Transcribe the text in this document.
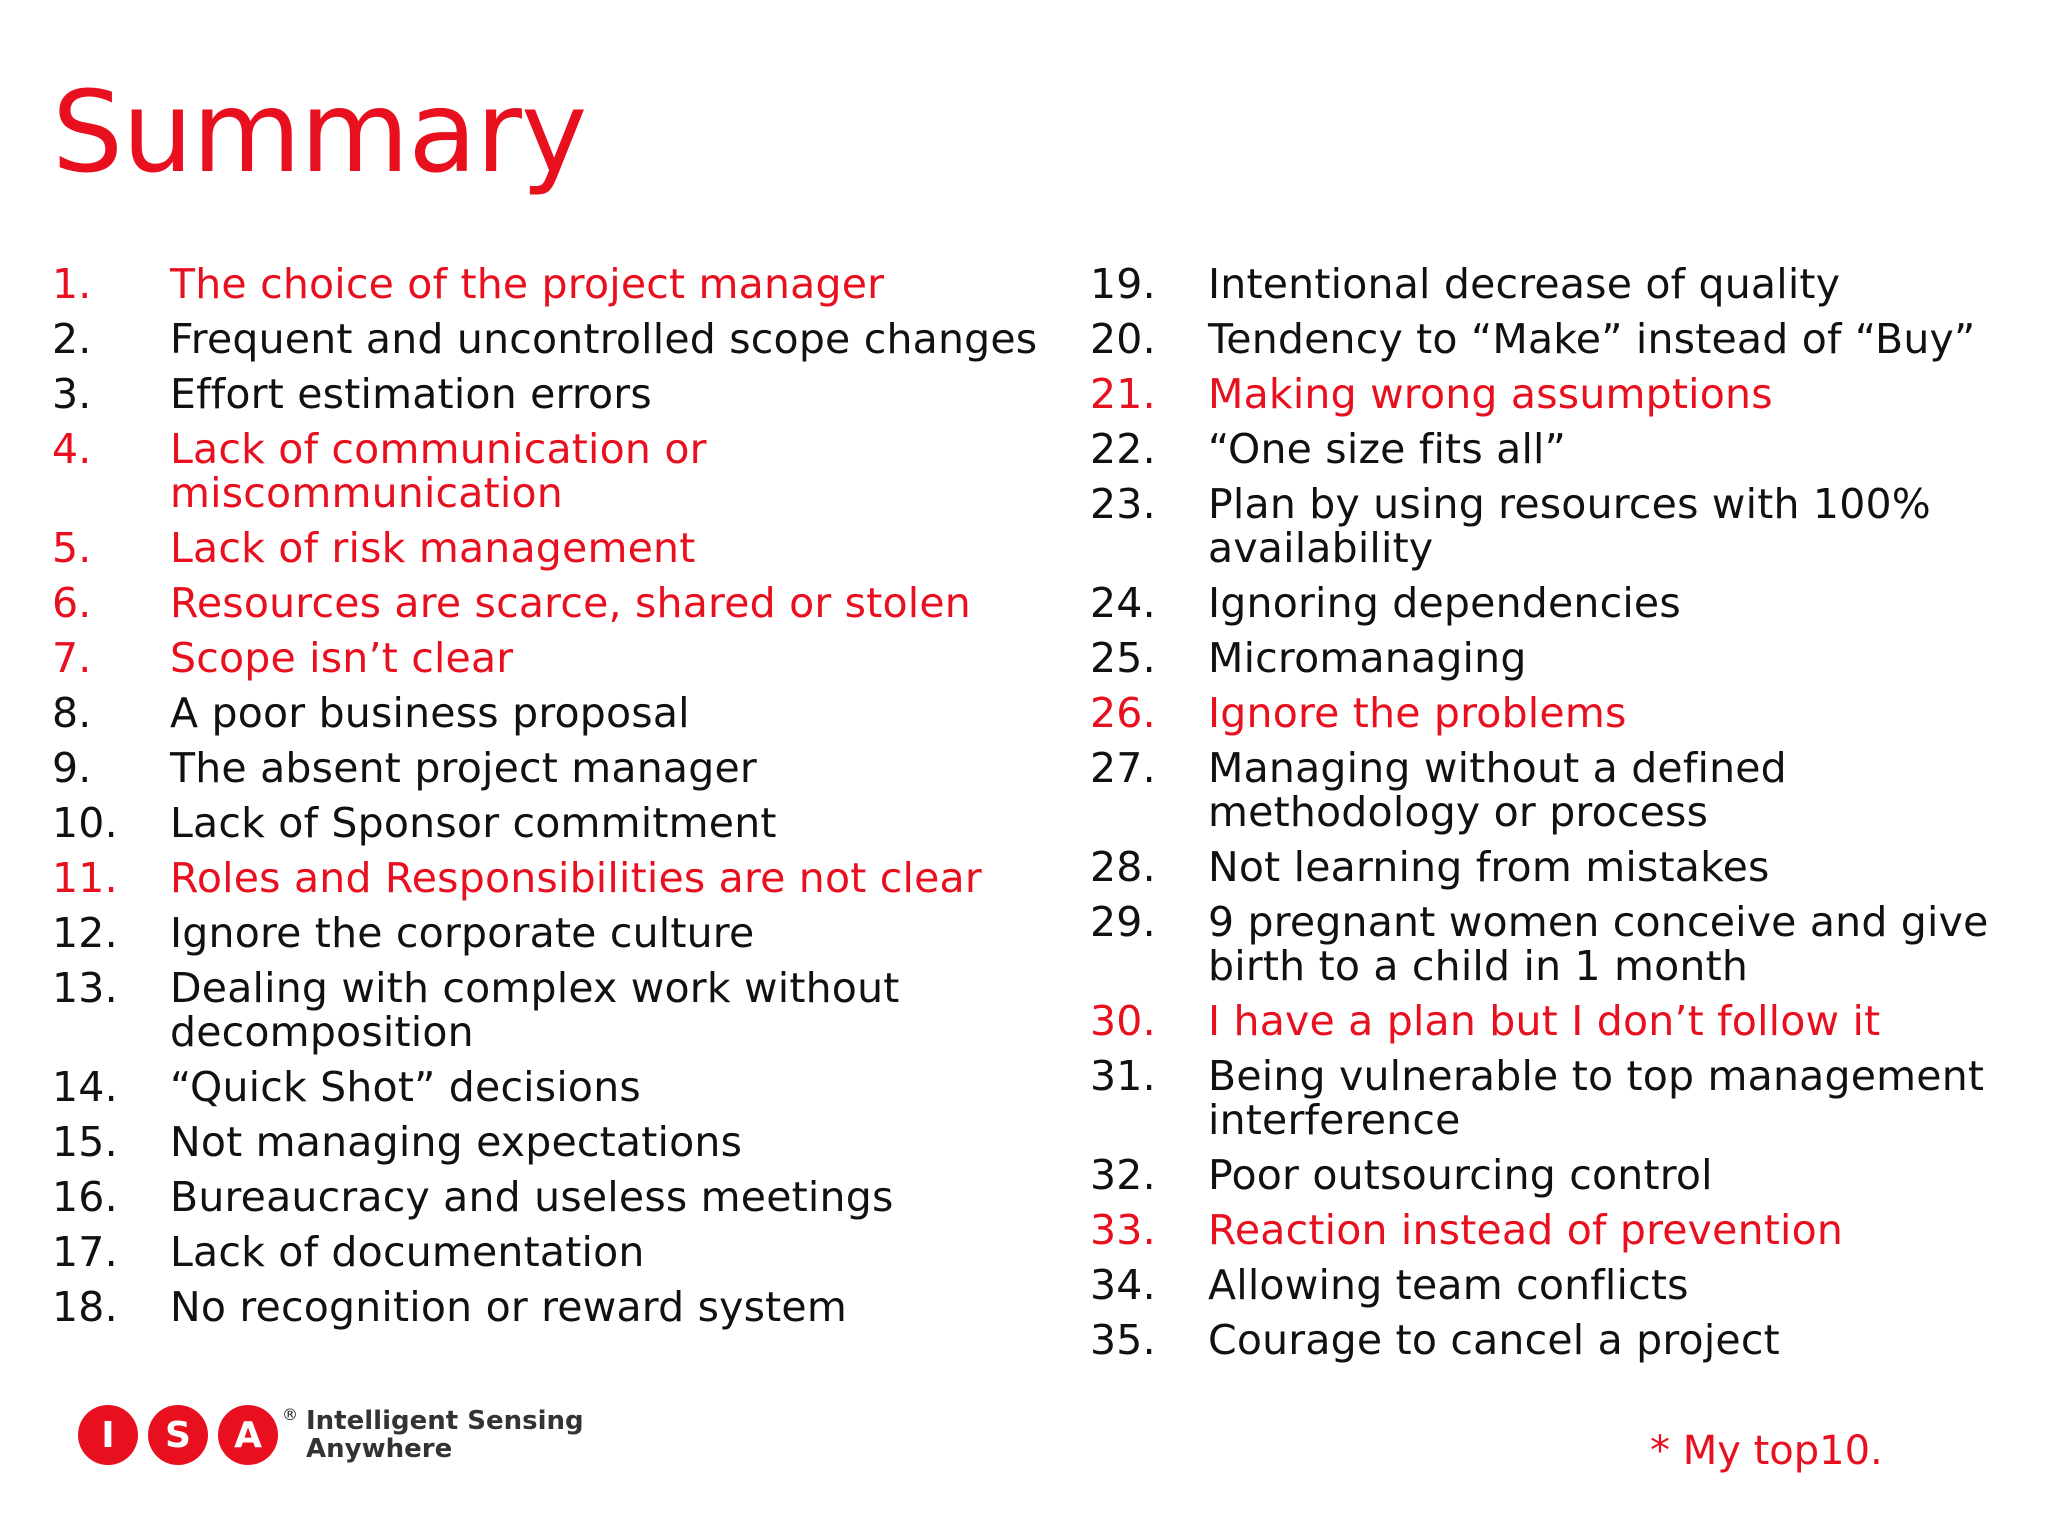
Summary
1.	The choice of the project manager
2.	Frequent and uncontrolled scope changes
3.	Effort estimation errors
4.	Lack of communication or miscommunication
5.	Lack of risk management
6.	Resources are scarce, shared or stolen
7.	Scope isn’t clear
8.	A poor business proposal
9.	The absent project manager
10.	Lack of Sponsor commitment
11.	Roles and Responsibilities are not clear
12.	Ignore the corporate culture
13.	Dealing with complex work without decomposition
14.	“Quick Shot” decisions
15.	Not managing expectations
16.	Bureaucracy and useless meetings
17.	Lack of documentation
18.	No recognition or reward system
19.	Intentional decrease of quality
20.	Tendency to “Make” instead of “Buy”
21.	Making wrong assumptions
22.	“One size fits all”
23.	Plan by using resources with 100% availability
24.	Ignoring dependencies
25.	Micromanaging
26.	Ignore the problems
27.	Managing without a defined methodology or process
28.	Not learning from mistakes
29.	9 pregnant women conceive and give birth to a child in 1 month
30.	I have a plan but I don’t follow it
31.	Being vulnerable to top management interference
32.	Poor outsourcing control
33.	Reaction instead of prevention
34.	Allowing team conflicts
35.	Courage to cancel a project
I	S	A	® Intelligent Sensing
Anywhere	* My top10.
